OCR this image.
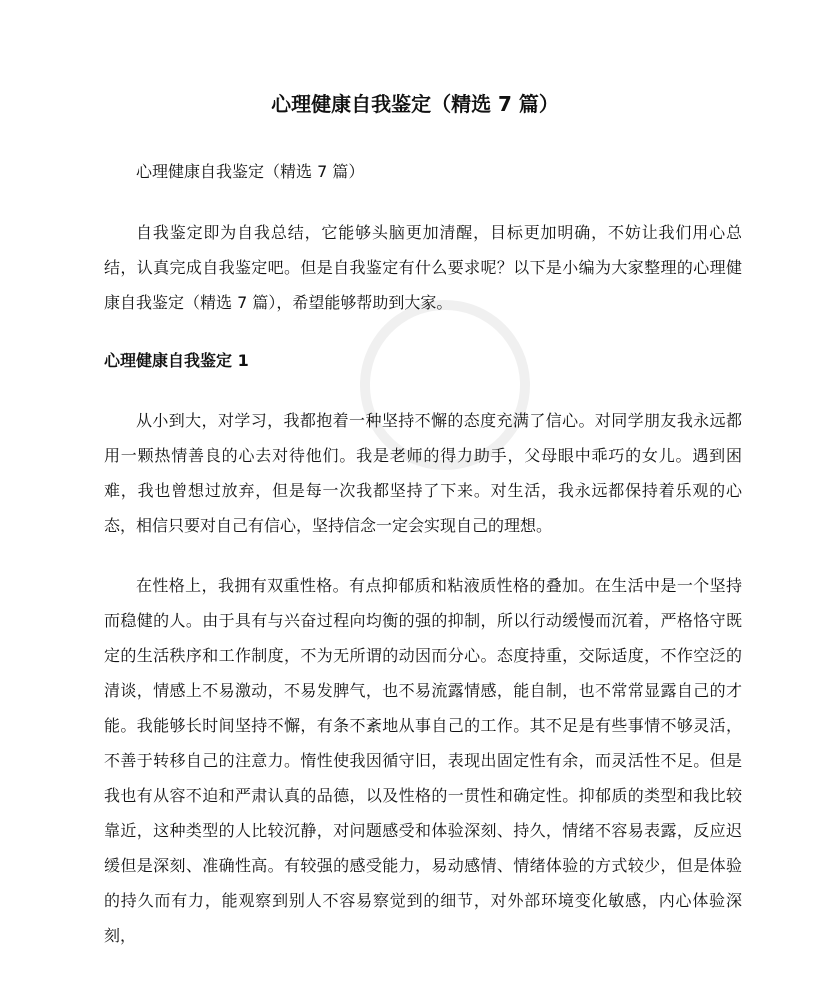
心理健康自我鉴定（精选 7 篇）

心理健康自我鉴定（精选 7 篇）

自我鉴定即为自我总结，它能够头脑更加清醒，目标更加明确，不妨让我们用心总结，认真完成自我鉴定吧。但是自我鉴定有什么要求呢？以下是小编为大家整理的心理健康自我鉴定（精选 7 篇），希望能够帮助到大家。

心理健康自我鉴定 1

从小到大，对学习，我都抱着一种坚持不懈的态度充满了信心。对同学朋友我永远都用一颗热情善良的心去对待他们。我是老师的得力助手，父母眼中乖巧的女儿。遇到困难，我也曾想过放弃，但是每一次我都坚持了下来。对生活，我永远都保持着乐观的心态，相信只要对自己有信心，坚持信念一定会实现自己的理想。

在性格上，我拥有双重性格。有点抑郁质和粘液质性格的叠加。在生活中是一个坚持而稳健的人。由于具有与兴奋过程向均衡的强的抑制，所以行动缓慢而沉着，严格恪守既定的生活秩序和工作制度，不为无所谓的动因而分心。态度持重，交际适度，不作空泛的清谈，情感上不易激动，不易发脾气，也不易流露情感，能自制，也不常常显露自己的才能。我能够长时间坚持不懈，有条不紊地从事自己的工作。其不足是有些事情不够灵活，不善于转移自己的注意力。惰性使我因循守旧，表现出固定性有余，而灵活性不足。但是我也有从容不迫和严肃认真的品德，以及性格的一贯性和确定性。抑郁质的类型和我比较靠近，这种类型的人比较沉静，对问题感受和体验深刻、持久，情绪不容易表露，反应迟缓但是深刻、准确性高。有较强的感受能力，易动感情、情绪体验的方式较少，但是体验的持久而有力，能观察到别人不容易察觉到的细节，对外部环境变化敏感，内心体验深刻，
